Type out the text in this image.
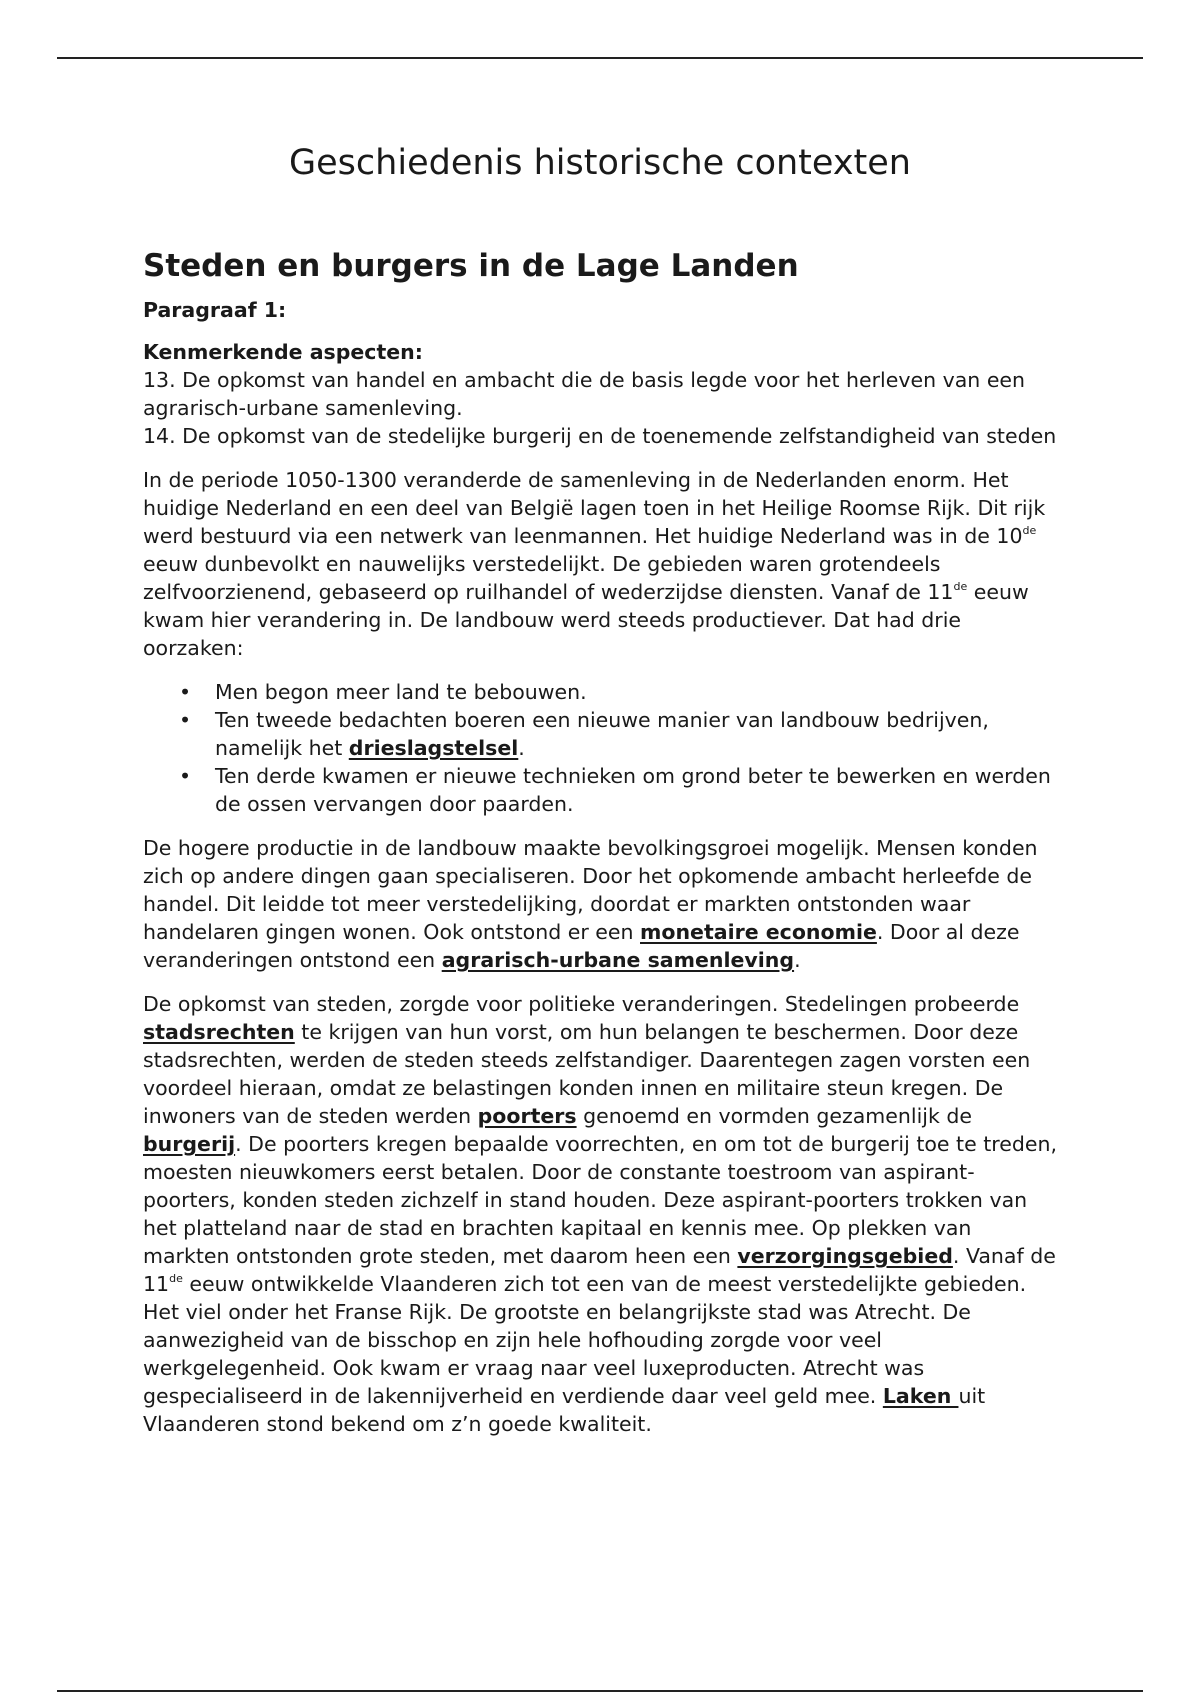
Geschiedenis historische contexten
Steden en burgers in de Lage Landen
Paragraaf 1:
Kenmerkende aspecten:
13. De opkomst van handel en ambacht die de basis legde voor het herleven van een agrarisch-urbane samenleving.
14. De opkomst van de stedelijke burgerij en de toenemende zelfstandigheid van steden

In de periode 1050-1300 veranderde de samenleving in de Nederlanden enorm. Het huidige Nederland en een deel van België lagen toen in het Heilige Roomse Rijk. Dit rijk werd bestuurd via een netwerk van leenmannen. Het huidige Nederland was in de 10de eeuw dunbevolkt en nauwelijks verstedelijkt. De gebieden waren grotendeels zelfvoorzienend, gebaseerd op ruilhandel of wederzijdse diensten. Vanaf de 11de eeuw kwam hier verandering in. De landbouw werd steeds productiever. Dat had drie oorzaken:

• Men begon meer land te bebouwen.
• Ten tweede bedachten boeren een nieuwe manier van landbouw bedrijven, namelijk het drieslagstelsel.
• Ten derde kwamen er nieuwe technieken om grond beter te bewerken en werden de ossen vervangen door paarden.

De hogere productie in de landbouw maakte bevolkingsgroei mogelijk. Mensen konden zich op andere dingen gaan specialiseren. Door het opkomende ambacht herleefde de handel. Dit leidde tot meer verstedelijking, doordat er markten ontstonden waar handelaren gingen wonen. Ook ontstond er een monetaire economie. Door al deze veranderingen ontstond een agrarisch-urbane samenleving.

De opkomst van steden, zorgde voor politieke veranderingen. Stedelingen probeerde stadsrechten te krijgen van hun vorst, om hun belangen te beschermen. Door deze stadsrechten, werden de steden steeds zelfstandiger. Daarentegen zagen vorsten een voordeel hieraan, omdat ze belastingen konden innen en militaire steun kregen. De inwoners van de steden werden poorters genoemd en vormden gezamenlijk de burgerij. De poorters kregen bepaalde voorrechten, en om tot de burgerij toe te treden, moesten nieuwkomers eerst betalen. Door de constante toestroom van aspirant-poorters, konden steden zichzelf in stand houden. Deze aspirant-poorters trokken van het platteland naar de stad en brachten kapitaal en kennis mee. Op plekken van markten ontstonden grote steden, met daarom heen een verzorgingsgebied. Vanaf de 11de eeuw ontwikkelde Vlaanderen zich tot een van de meest verstedelijkte gebieden. Het viel onder het Franse Rijk. De grootste en belangrijkste stad was Atrecht. De aanwezigheid van de bisschop en zijn hele hofhouding zorgde voor veel werkgelegenheid. Ook kwam er vraag naar veel luxeproducten. Atrecht was gespecialiseerd in de lakennijverheid en verdiende daar veel geld mee. Laken uit Vlaanderen stond bekend om z’n goede kwaliteit.
